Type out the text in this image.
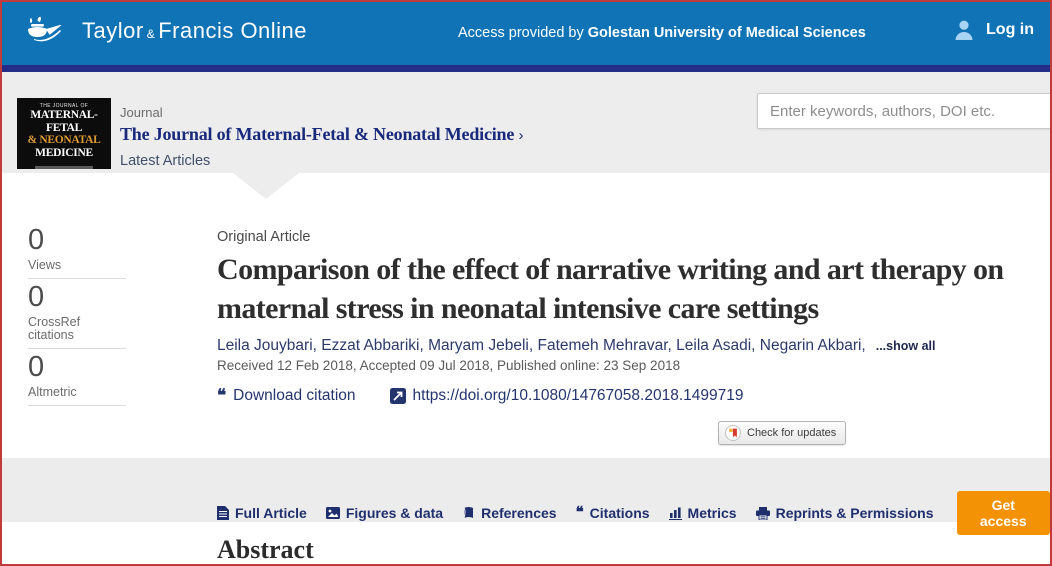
Taylor & Francis Online	Access provided by Golestan University of Medical Sciences	Log in
THE JOURNAL OF
MATERNAL-FETAL
& NEONATAL
MEDICINE
Journal
The Journal of Maternal-Fetal & Neonatal Medicine ›
Latest Articles
Enter keywords, authors, DOI etc.
0
Views
0
CrossRef citations
0
Altmetric
Original Article
Comparison of the effect of narrative writing and art therapy on maternal stress in neonatal intensive care settings
Leila Jouybari, Ezzat Abbariki, Maryam Jebeli, Fatemeh Mehravar, Leila Asadi, Negarin Akbari, ...show all
Received 12 Feb 2018, Accepted 09 Jul 2018, Published online: 23 Sep 2018
❝ Download citation	https://doi.org/10.1080/14767058.2018.1499719
Check for updates
Full Article	Figures & data	References ❝ Citations	Metrics	Reprints & Permissions	Get access
Abstract
